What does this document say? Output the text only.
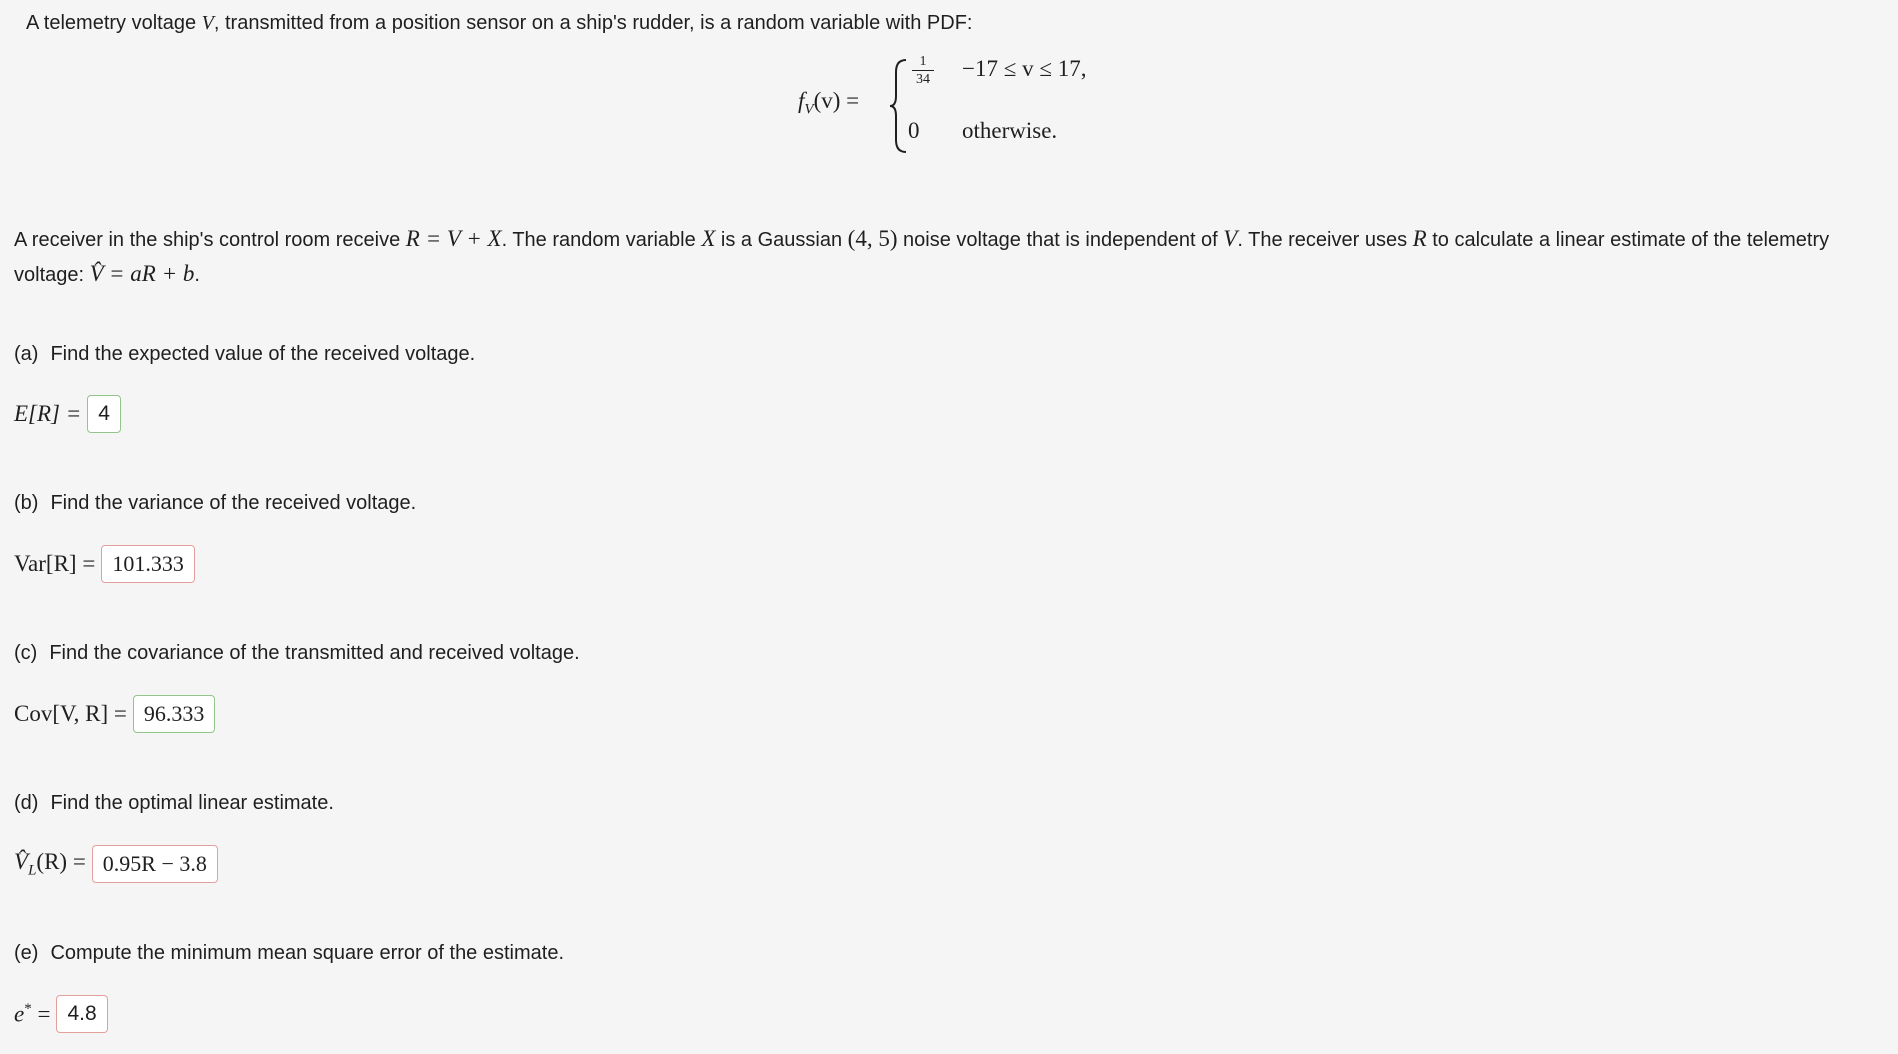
A telemetry voltage V, transmitted from a position sensor on a ship's rudder, is a random variable with PDF:
$f_V(v)$ =
1
34 −17 ≤ v ≤ 17,
0 otherwise.
A receiver in the ship's control room receive R = V + X. The random variable X is a Gaussian (4, 5) noise voltage that is independent of V. The receiver uses R to calculate a linear estimate of the telemetry voltage: V̂ = aR + b.
(a) Find the expected value of the received voltage.
E[R] = 4
(b) Find the variance of the received voltage.
Var[R] = 101.333
(c) Find the covariance of the transmitted and received voltage.
Cov[V, R] = 96.333
(d) Find the optimal linear estimate.
$V̂_L(R) = 0.95R - 3.8$
(e) Compute the minimum mean square error of the estimate.
e* = 4.8
